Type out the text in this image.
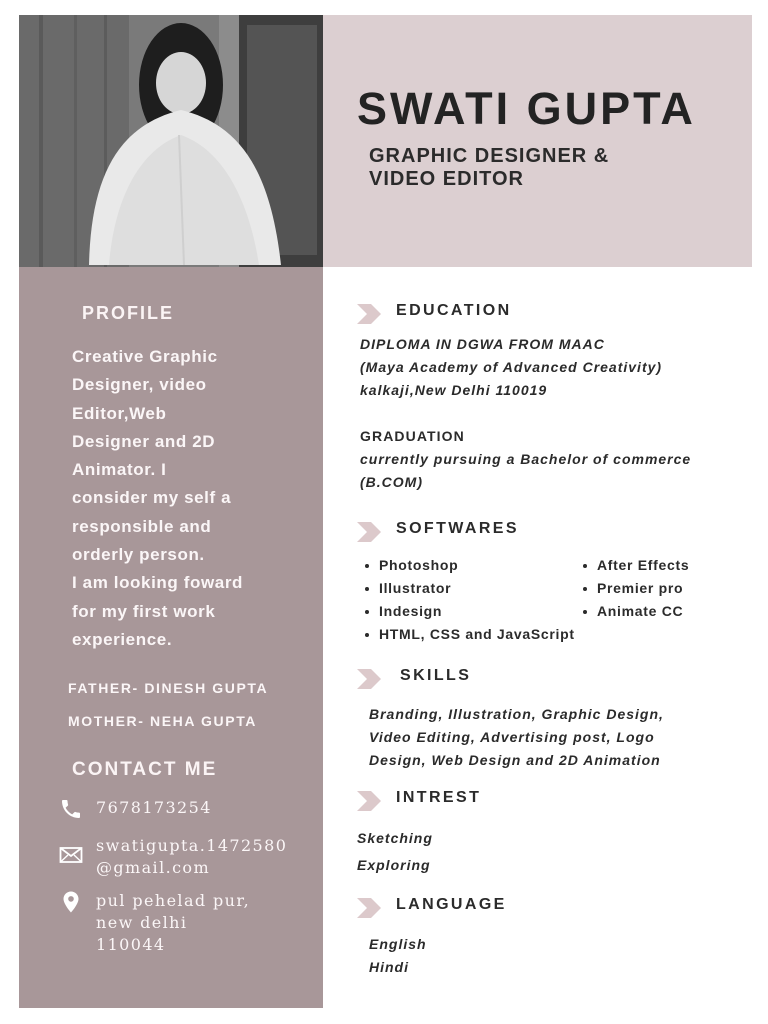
SWATI GUPTA
GRAPHIC DESIGNER &
VIDEO EDITOR
PROFILE
Creative Graphic
Designer, video
Editor,Web
Designer and 2D
Animator. I
consider my self a
responsible and
orderly person.
I am looking foward
for my first work
experience.
FATHER- DINESH GUPTA
MOTHER- NEHA GUPTA
CONTACT ME
7678173254
swatigupta.1472580
@gmail.com
pul pehelad pur,
new delhi
110044
EDUCATION
DIPLOMA IN DGWA FROM MAAC
(Maya Academy of Advanced Creativity)
kalkaji,New Delhi 110019
GRADUATION
currently pursuing a Bachelor of commerce
(B.COM)
SOFTWARES
Photoshop
Illustrator
Indesign
HTML, CSS and JavaScript
After Effects
Premier pro
Animate CC
SKILLS
Branding, Illustration, Graphic Design,
Video Editing, Advertising post, Logo
Design, Web Design and 2D Animation
INTREST
Sketching
Exploring
LANGUAGE
English
Hindi
